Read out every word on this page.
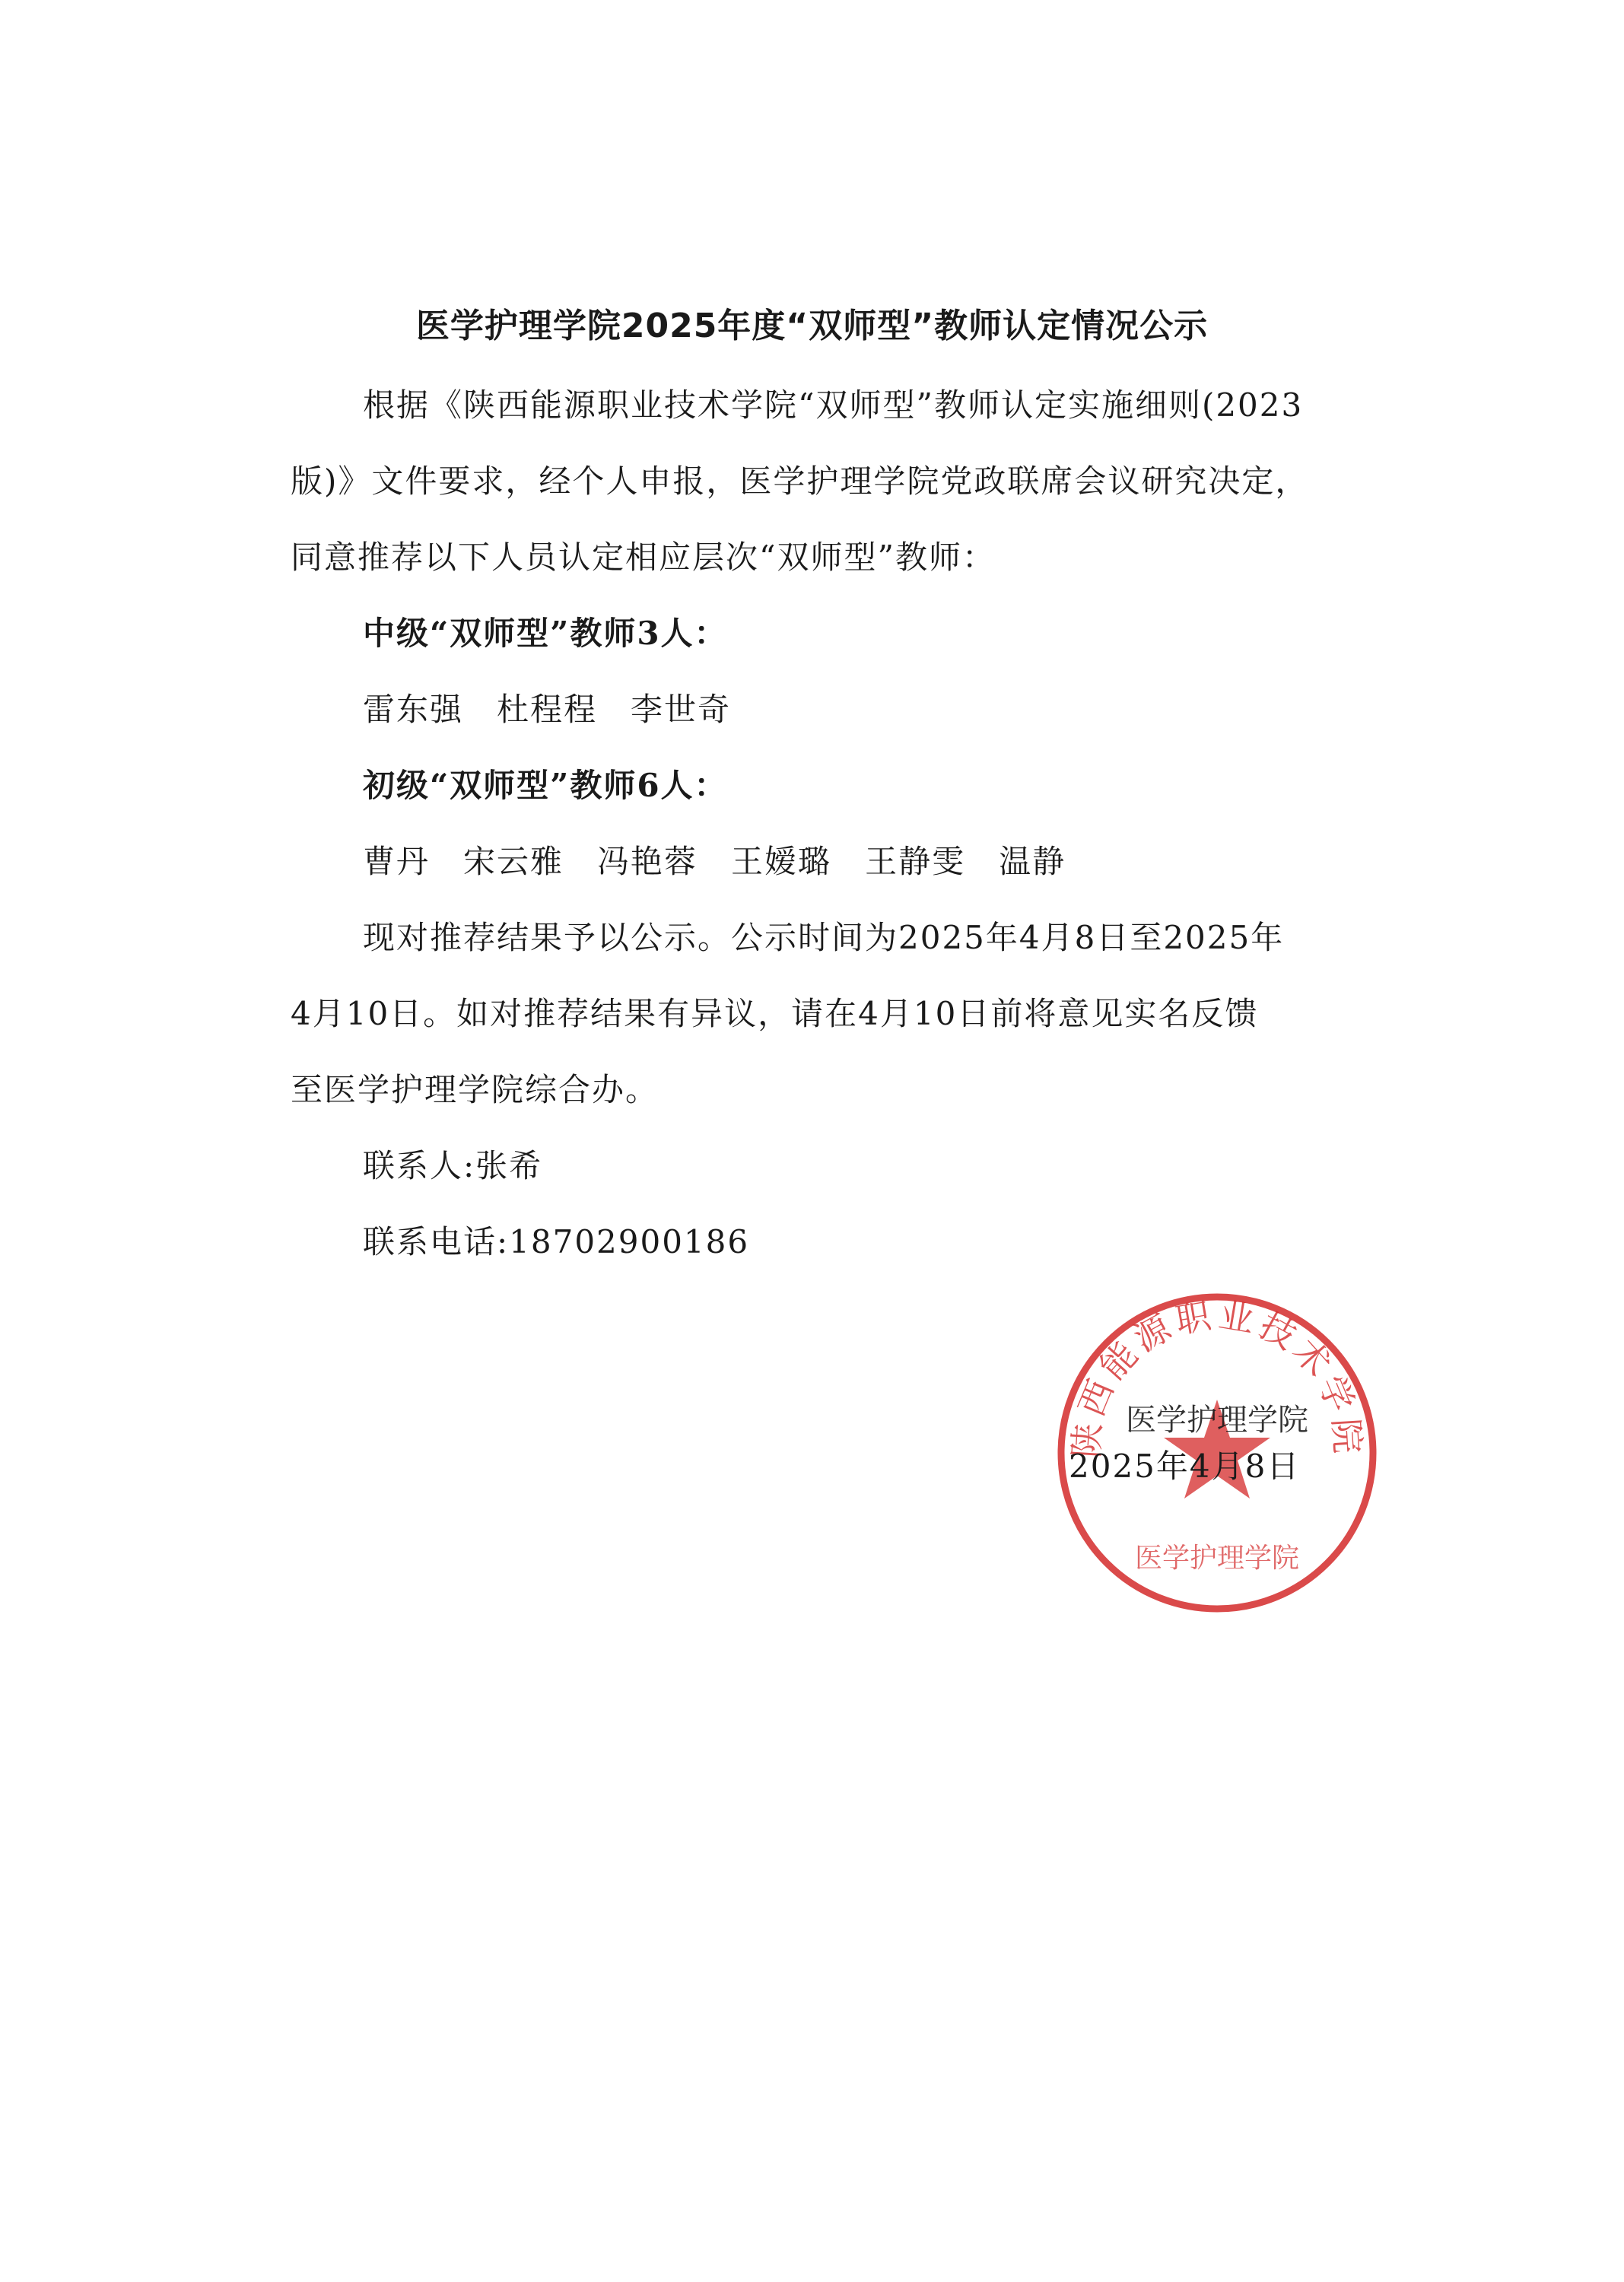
医学护理学院2025年度“双师型”教师认定情况公示
根据《陕西能源职业技术学院“双师型”教师认定实施细则(2023
版)》文件要求，经个人申报，医学护理学院党政联席会议研究决定，
同意推荐以下人员认定相应层次“双师型”教师：
中级“双师型”教师3人：
雷东强 杜程程 李世奇
初级“双师型”教师6人：
曹丹 宋云雅 冯艳蓉 王嫒璐 王静雯 温静
现对推荐结果予以公示。公示时间为2025年4月8日至2025年
4月10日。如对推荐结果有异议，请在4月10日前将意见实名反馈
至医学护理学院综合办。
联系人:张希
联系电话:18702900186
陕西能源职业技术学院
医学护理学院
医学护理学院
2025年4月8日
